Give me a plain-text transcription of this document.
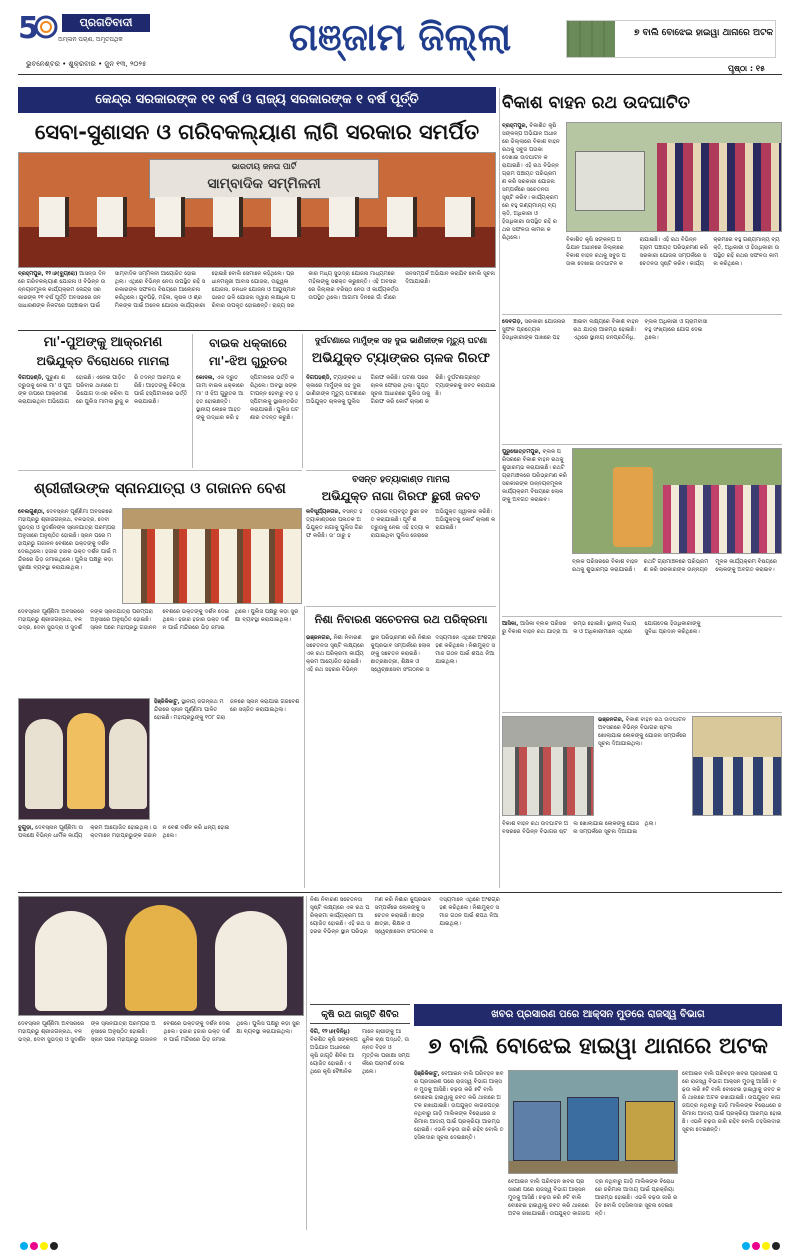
5	ପ୍ରଗତିବାଦୀ
ଅମ୍ଳାନ ପଚାଶ, ଅମୃତପଥିକ
ଭୁବନେଶ୍ବର • ଶୁକ୍ରବାର • ଜୁନ ୧୩, ୨୦୨୫
ଗଞ୍ଜାମ ଜିଲ୍ଲା	୭ ବାଲି ବୋଝେଇ ହାଇୱା ଥାନାରେ ଅଟକ
ପୃଷ୍ଠା : ୧୫
କେନ୍ଦ୍ର ସରକାରଙ୍କ ୧୧ ବର୍ଷ ଓ ରାଜ୍ୟ ସରକାରଙ୍କ ୧ ବର୍ଷ ପୂର୍ତ୍ତି
ସେବା-ସୁଶାସନ ଓ ଗରିବକଲ୍ୟାଣ ଲାଗି ସରକାର ସମର୍ପିତ
ଭାରତୀୟ ଜନତା ପାର୍ଟି
ସାମ୍ବାଦିକ ସମ୍ମିଳନୀ
ବ୍ରହ୍ମପୁର, ୧୨।୬(ବ୍ୟୁରୋ) ଆସନ୍ତା ଦିନରେ ଗରିବକଲ୍ୟାଣ ଯୋଜନା ଓ ବିଭିନ୍ନ ଉନ୍ନୟନମୂଳକ କାର୍ଯ୍ୟକ୍ରମ କେନ୍ଦ୍ର ସରକାରଙ୍କ ୧୧ ବର୍ଷ ପୂର୍ତ୍ତି ଅବସରରେ ଜନସାଧାରଣଙ୍କ ନିକଟରେ ପହଞ୍ଚାଇବା ପାଇଁ ସାମ୍ବାଦିକ ସମ୍ମିଳନୀ ଆୟୋଜିତ ହୋଇଥିଲା। ଏଥିରେ ବିଭିନ୍ନ ନେତା ଉପସ୍ଥିତ ରହି ସରକାରଙ୍କ ସଫଳତା ବିଷୟରେ ଆଲୋଚନା କରିଥିଲେ। ଯୁବପିଢ଼ି, ମହିଳା, କୃଷକ ଓ ଶ୍ରମିକଙ୍କ ପାଇଁ ଅନେକ ଯୋଜନା କାର୍ଯ୍ୟକାରୀ ହୋଇଛି ବୋଲି ସେମାନେ କହିଥିଲେ। ପ୍ରଧାନମନ୍ତ୍ରୀ ଆବାସ ଯୋଜନା, ଉଜ୍ଜ୍ୱଳା ଯୋଜନା, ଜନଧନ ଯୋଜନା ଓ ଆୟୁଷ୍ମାନ ଭାରତ ଭଳି ଯୋଜନା ଦ୍ୱାରା ଲକ୍ଷାଧିକ ପରିବାର ଉପକୃତ ହୋଇଛନ୍ତି। ରାଜ୍ୟ ସରକାର ମଧ୍ୟ ସୁଭଦ୍ରା ଯୋଜନା ମାଧ୍ୟମରେ ମହିଳାଙ୍କୁ ସଶକ୍ତ କରୁଛନ୍ତି। ଏହି ଅବସରରେ ଜିଲ୍ଲାର ବରିଷ୍ଠ ନେତା ଓ କାର୍ଯ୍ୟକର୍ତ୍ତା ଉପସ୍ଥିତ ଥିଲେ। ଆଗାମୀ ଦିନରେ ଗାଁ ଗାଁରେ ଜନସମ୍ପର୍କ ଅଭିଯାନ କରାଯିବ ବୋଲି ସୂଚନା ଦିଆଯାଇଛି।
ବିକାଶ ବାହନ ରଥ ଉଦଘାଟିତ
ବ୍ରହ୍ମପୁର, ବିକାଶିତ କୃଷି ସଙ୍କଳ୍ପ ଅଭିଯାନ ଅଧୀନରେ ଜିଲ୍ଲାରେ ବିକାଶ ବାହନ ରଥକୁ ସବୁଜ ପତାକା ଦେଖାଇ ଉଦଘାଟନ କରାଯାଇଛି। ଏହି ରଥ ବିଭିନ୍ନ ଗ୍ରାମ ପଞ୍ଚାୟତ ପରିଭ୍ରମଣ କରି ସରକାରୀ ଯୋଜନା ସମ୍ପର୍କରେ ସଚେତନତା ସୃଷ୍ଟି କରିବ। କାର୍ଯ୍ୟକ୍ରମରେ ବହୁ ଗଣ୍ୟମାନ୍ୟ ବ୍ୟକ୍ତି, ଅଧିକାରୀ ଓ ହିତାଧିକାରୀ ଉପସ୍ଥିତ ରହି ରଥର ସଫଳତା କାମନା କରିଥିଲେ।	ବିକାଶିତ କୃଷି ସଙ୍କଳ୍ପ ଅଭିଯାନ ଅଧୀନରେ ଜିଲ୍ଲାରେ ବିକାଶ ବାହନ ରଥକୁ ସବୁଜ ପତାକା ଦେଖାଇ ଉଦଘାଟନ କରାଯାଇଛି। ଏହି ରଥ ବିଭିନ୍ନ ଗ୍ରାମ ପଞ୍ଚାୟତ ପରିଭ୍ରମଣ କରି ସରକାରୀ ଯୋଜନା ସମ୍ପର୍କରେ ସଚେତନତା ସୃଷ୍ଟି କରିବ। କାର୍ଯ୍ୟକ୍ରମରେ ବହୁ ଗଣ୍ୟମାନ୍ୟ ବ୍ୟକ୍ତି, ଅଧିକାରୀ ଓ ହିତାଧିକାରୀ ଉପସ୍ଥିତ ରହି ରଥର ସଫଳତା କାମନା କରିଥିଲେ।
ଦେବଗଡ଼, ସରକାରୀ ଯୋଜନାର ସୁଫଳ ପ୍ରତ୍ୟେକ ହିତାଧିକାରୀଙ୍କ ପାଖରେ ପହଞ୍ଚାଇବା ଲକ୍ଷ୍ୟରେ ବିକାଶ ବାହନ ରଥ ଯାତ୍ରା ଆରମ୍ଭ ହୋଇଛି। ଏଥିରେ ସ୍ଥାନୀୟ ଜନପ୍ରତିନିଧି, ବ୍ଲକ ଅଧିକାରୀ ଓ ଗ୍ରାମବାସୀ ବହୁ ସଂଖ୍ୟାରେ ଯୋଗ ଦେଇଥିଲେ।
ପୁରୁଷୋତ୍ତମପୁର, ବ୍ଲକ ପରିସରରେ ବିକାଶ ବାହନ ରଥକୁ ଶୁଭାରମ୍ଭ କରାଯାଇଛି। ରଥଟି ଗ୍ରାମାଞ୍ଚଳରେ ପରିଭ୍ରମଣ କରି ସରକାରଙ୍କ ଉନ୍ନୟନମୂଳକ କାର୍ଯ୍ୟକ୍ରମ ବିଷୟରେ ଲୋକଙ୍କୁ ଅବଗତ କରାଇବ।
ବ୍ଲକ ପରିସରରେ ବିକାଶ ବାହନ ରଥକୁ ଶୁଭାରମ୍ଭ କରାଯାଇଛି। ରଥଟି ଗ୍ରାମାଞ୍ଚଳରେ ପରିଭ୍ରମଣ କରି ସରକାରଙ୍କ ଉନ୍ନୟନମୂଳକ କାର୍ଯ୍ୟକ୍ରମ ବିଷୟରେ ଲୋକଙ୍କୁ ଅବଗତ କରାଇବ।
ଆସିକା, ଆସିକା ବ୍ଲକ ପରିସରରୁ ବିକାଶ ବାହନ ରଥ ଯାତ୍ରା ଆରମ୍ଭ ହୋଇଛି। ସ୍ଥାନୀୟ ବିଧାୟକ ଓ ଅଧିକାରୀମାନେ ଏଥିରେ ଯୋଗଦେଇ ହିତାଧିକାରୀଙ୍କୁ ସୁବିଧା ପ୍ରଦାନ କରିଥିଲେ।
ଭଞ୍ଜନଗର, ବିକାଶ ବାହନ ରଥ ଉଦଘାଟନ ଅବସରରେ ବିଭିନ୍ନ ବିଭାଗର ଷ୍ଟଲ ଖୋଲାଯାଇ ଲୋକଙ୍କୁ ଯୋଜନା ସମ୍ପର୍କରେ ସୂଚନା ଦିଆଯାଇଥିଲା।
ବିକାଶ ବାହନ ରଥ ଉଦଘାଟନ ଅବସରରେ ବିଭିନ୍ନ ବିଭାଗର ଷ୍ଟଲ ଖୋଲାଯାଇ ଲୋକଙ୍କୁ ଯୋଜନା ସମ୍ପର୍କରେ ସୂଚନା ଦିଆଯାଇଥିଲା।
ମା'-ପୁଅଙ୍କୁ ଆକ୍ରମଣ
ଅଭିଯୁକ୍ତ ବିରୋଧରେ ମାମଲା
ଦିଗପହଣ୍ଡି, ପୁରୁଣା ଶତ୍ରୁତାକୁ ନେଇ ମା' ଓ ପୁଅଙ୍କ ଉପରେ ଆକ୍ରମଣ କରାଯାଇଥିବା ଅଭିଯୋଗ ହୋଇଛି। ଏନେଇ ପୀଡ଼ିତ ପରିବାର ଥାନାରେ ଅଭିଯୋଗ ଦାଏର କରିବା ପରେ ପୁଲିସ ମାମଲା ରୁଜୁ କରି ତଦନ୍ତ ଆରମ୍ଭ କରିଛି। ଆହତଙ୍କୁ ଚିକିତ୍ସା ପାଇଁ ହସ୍ପିଟାଲରେ ଭର୍ତ୍ତି କରାଯାଇଛି।
ବାଇକ ଧକ୍କାରେ
ମା'-ଝିଅ ଗୁରୁତର
କୋଦଳା, ଏକ ଦ୍ରୁତଗାମୀ ବାଇକ ଧକ୍କାରେ ମା' ଓ ଝିଅ ଗୁରୁତର ଆହତ ହୋଇଛନ୍ତି। ସ୍ଥାନୀୟ ଲୋକେ ଆହତଙ୍କୁ ଉଦ୍ଧାର କରି ହସ୍ପିଟାଲରେ ଭର୍ତ୍ତି କରିଥିଲେ। ଅବସ୍ଥା ସଙ୍କଟାପନ୍ନ ହେବାରୁ ବଡ଼ ହସ୍ପିଟାଲକୁ ସ୍ଥାନାନ୍ତରିତ କରାଯାଇଛି। ପୁଲିସ ଘଟଣାର ତଦନ୍ତ କରୁଛି।
ଦୁର୍ଘଟଣାରେ ମାମୁଁଙ୍କ ସହ ଦୁଇ ଭାଣିଜୀଙ୍କ ମୃତ୍ୟୁ ଘଟଣା
ଅଭିଯୁକ୍ତ ଟ୍ୟାଙ୍କର ଚାଳକ ଗିରଫ
ଦିଗପହଣ୍ଡି, ଟ୍ୟାଙ୍କର ଧକ୍କାରେ ମାମୁଁଙ୍କ ସହ ଦୁଇ ଭାଣିଜୀଙ୍କ ମୃତ୍ୟୁ ଘଟଣାରେ ଅଭିଯୁକ୍ତ ଚାଳକକୁ ପୁଲିସ ଗିରଫ କରିଛି। ଘଟଣା ପରେ ଚାଳକ ଫେରାର ଥିଲା। ଗୁପ୍ତ ସୂଚନା ଆଧାରରେ ପୁଲିସ ତାକୁ ଗିରଫ କରି କୋର୍ଟ ଚାଲାଣ କରିଛି। ଦୁର୍ଘଟଣାଗ୍ରସ୍ତ ଟ୍ୟାଙ୍କରକୁ ଜବତ କରାଯାଇଛି।
ବସନ୍ତ ହତ୍ୟାକାଣ୍ଡ ମାମଲା
ଅଭିଯୁକ୍ତ ନାଗା ଗିରଫ ଛୁରୀ ଜବତ
କବିସୂର୍ଯ୍ୟନଗର, ବସନ୍ତ ହତ୍ୟାକାଣ୍ଡରେ ପଳାତକ ଅଭିଯୁକ୍ତ ନାଗାକୁ ପୁଲିସ ଗିରଫ କରିଛି। ତା' ଠାରୁ ହତ୍ୟାରେ ବ୍ୟବହୃତ ଛୁରୀ ଜବତ କରାଯାଇଛି। ପୂର୍ବ ଶତ୍ରୁତାକୁ ନେଇ ଏହି ହତ୍ୟା କରାଯାଇଥିବା ପୁଲିସ ଜେରାରେ ଅଭିଯୁକ୍ତ ସ୍ୱୀକାର କରିଛି। ଅଭିଯୁକ୍ତକୁ କୋର୍ଟ ଚାଲାଣ କରାଯାଇଛି।
ଶ୍ରୀଜୀଉଙ୍କ ସ୍ନାନଯାତ୍ରା ଓ ଗଜାନନ ବେଶ
ବେଲଗୁଣ୍ଠା, ଦେବସ୍ନାନ ପୂର୍ଣ୍ଣିମା ଅବସରରେ ମହାପ୍ରଭୁ ଶ୍ରୀଜଗନ୍ନାଥ, ବଳଭଦ୍ର, ଦେବୀ ସୁଭଦ୍ରା ଓ ସୁଦର୍ଶନଙ୍କ ସ୍ନାନଯାତ୍ରା ପରମ୍ପରା ଅନୁସାରେ ଅନୁଷ୍ଠିତ ହୋଇଛି। ସ୍ନାନ ପରେ ମହାପ୍ରଭୁ ଗଜାନନ ବେଶରେ ଭକ୍ତଙ୍କୁ ଦର୍ଶନ ଦେଇଥିଲେ। ହଜାର ହଜାର ଭକ୍ତ ଦର୍ଶନ ପାଇଁ ମନ୍ଦିରରେ ଭିଡ଼ ଜମାଇଥିଲେ। ପୁଲିସ ପକ୍ଷରୁ କଡ଼ା ସୁରକ୍ଷା ବ୍ୟବସ୍ଥା କରାଯାଇଥିଲା।
ଦେବସ୍ନାନ ପୂର୍ଣ୍ଣିମା ଅବସରରେ ମହାପ୍ରଭୁ ଶ୍ରୀଜଗନ୍ନାଥ, ବଳଭଦ୍ର, ଦେବୀ ସୁଭଦ୍ରା ଓ ସୁଦର୍ଶନଙ୍କ ସ୍ନାନଯାତ୍ରା ପରମ୍ପରା ଅନୁସାରେ ଅନୁଷ୍ଠିତ ହୋଇଛି। ସ୍ନାନ ପରେ ମହାପ୍ରଭୁ ଗଜାନନ ବେଶରେ ଭକ୍ତଙ୍କୁ ଦର୍ଶନ ଦେଇଥିଲେ। ହଜାର ହଜାର ଭକ୍ତ ଦର୍ଶନ ପାଇଁ ମନ୍ଦିରରେ ଭିଡ଼ ଜମାଇଥିଲେ। ପୁଲିସ ପକ୍ଷରୁ କଡ଼ା ସୁରକ୍ଷା ବ୍ୟବସ୍ଥା କରାଯାଇଥିଲା।	ନିଶା ନିବାରଣ ସଚେତନତା ରଥ ପରିକ୍ରମା
ହିଞ୍ଜିଳିକାଟୁ, ସ୍ଥାନୀୟ ଜଗନ୍ନାଥ ମନ୍ଦିରରେ ସ୍ନାନ ପୂର୍ଣ୍ଣିମା ପାଳିତ ହୋଇଛି। ମହାପ୍ରଭୁଙ୍କୁ ୧୦୮ ଗରା ଜଳରେ ସ୍ନାନ କରାଯାଇ ଗଜବେଶରେ ସଜ୍ଜିତ କରାଯାଇଥିଲା।
ଭଞ୍ଜନଗର, ନିଶା ନିବାରଣ ସଚେତନତା ସୃଷ୍ଟି ଲକ୍ଷ୍ୟରେ ଏକ ରଥ ପରିକ୍ରମା କାର୍ଯ୍ୟକ୍ରମ ଆୟୋଜିତ ହୋଇଛି। ଏହି ରଥ ସହରର ବିଭିନ୍ନ ସ୍ଥାନ ପରିଭ୍ରମଣ କରି ନିଶାର କୁପ୍ରଭାବ ସମ୍ପର୍କରେ ଲୋକଙ୍କୁ ସଚେତନ କରାଇଛି। ଛାତ୍ରଛାତ୍ରୀ, ଶିକ୍ଷକ ଓ ସ୍ୱେଚ୍ଛାସେବୀ ସଂଗଠନର ସଦସ୍ୟମାନେ ଏଥିରେ ଅଂଶଗ୍ରହଣ କରିଥିଲେ। ନିଶାମୁକ୍ତ ସମାଜ ଗଠନ ପାଇଁ ଶପଥ ନିଆଯାଇଥିଲା।
ବୁଗୁଡ଼ା, ଦେବସ୍ନାନ ପୂର୍ଣ୍ଣିମା ଉପଲକ୍ଷେ ବିଭିନ୍ନ ଧାର୍ମିକ କାର୍ଯ୍ୟକ୍ରମ ଆୟୋଜିତ ହୋଇଥିଲା। ଭକ୍ତମାନେ ମହାପ୍ରଭୁଙ୍କ ଗଜାନନ ବେଶ ଦର୍ଶନ କରି ଧନ୍ୟ ହୋଇଥିଲେ।
ଦେବସ୍ନାନ ପୂର୍ଣ୍ଣିମା ଅବସରରେ ମହାପ୍ରଭୁ ଶ୍ରୀଜଗନ୍ନାଥ, ବଳଭଦ୍ର, ଦେବୀ ସୁଭଦ୍ରା ଓ ସୁଦର୍ଶନଙ୍କ ସ୍ନାନଯାତ୍ରା ପରମ୍ପରା ଅନୁସାରେ ଅନୁଷ୍ଠିତ ହୋଇଛି। ସ୍ନାନ ପରେ ମହାପ୍ରଭୁ ଗଜାନନ ବେଶରେ ଭକ୍ତଙ୍କୁ ଦର୍ଶନ ଦେଇଥିଲେ। ହଜାର ହଜାର ଭକ୍ତ ଦର୍ଶନ ପାଇଁ ମନ୍ଦିରରେ ଭିଡ଼ ଜମାଇଥିଲେ। ପୁଲିସ ପକ୍ଷରୁ କଡ଼ା ସୁରକ୍ଷା ବ୍ୟବସ୍ଥା କରାଯାଇଥିଲା।
କୃଷି ରଥ ଜାଗୃତି ଶିବିର
ଦିଗି, ୧୨।୬(ଦିନିଧି) ବିକଶିତ କୃଷି ସଙ୍କଳ୍ପ ଅଭିଯାନ ଅଧୀନରେ କୃଷି ଜାଗୃତି ଶିବିର ଆୟୋଜିତ ହୋଇଛି। ଏଥିରେ କୃଷି ବୈଜ୍ଞାନିକମାନେ ଚାଷୀଙ୍କୁ ଆଧୁନିକ ଚାଷ ପଦ୍ଧତି, ଉନ୍ନତ ବିହନ ଓ ମୃତ୍ତିକା ପରୀକ୍ଷା ସମ୍ପର୍କରେ ପରାମର୍ଶ ଦେଇଥିଲେ।
ନିଶା ନିବାରଣ ସଚେତନତା ସୃଷ୍ଟି ଲକ୍ଷ୍ୟରେ ଏକ ରଥ ପରିକ୍ରମା କାର୍ଯ୍ୟକ୍ରମ ଆୟୋଜିତ ହୋଇଛି। ଏହି ରଥ ସହରର ବିଭିନ୍ନ ସ୍ଥାନ ପରିଭ୍ରମଣ କରି ନିଶାର କୁପ୍ରଭାବ ସମ୍ପର୍କରେ ଲୋକଙ୍କୁ ସଚେତନ କରାଇଛି। ଛାତ୍ରଛାତ୍ରୀ, ଶିକ୍ଷକ ଓ ସ୍ୱେଚ୍ଛାସେବୀ ସଂଗଠନର ସଦସ୍ୟମାନେ ଏଥିରେ ଅଂଶଗ୍ରହଣ କରିଥିଲେ। ନିଶାମୁକ୍ତ ସମାଜ ଗଠନ ପାଇଁ ଶପଥ ନିଆଯାଇଥିଲା।
ଖବର ପ୍ରସାରଣ ପରେ ଆକ୍ସନ ମୁଡରେ ରାଜସ୍ୱ ବିଭାଗ
୭ ବାଲି ବୋଝେଇ ହାଇୱା ଥାନାରେ ଅଟକ
ହିଞ୍ଜିଳିକାଟୁ, ବେଆଇନ ବାଲି ପରିବହନ ଖବର ପ୍ରସାରଣ ପରେ ରାଜସ୍ୱ ବିଭାଗ ଆକ୍ସନ ମୁଡକୁ ଆସିଛି। ଚଢ଼ଉ କରି ୭ଟି ବାଲି ବୋଝେଇ ହାଇୱାକୁ ଜବତ କରି ଥାନାରେ ଅଟକ ରଖାଯାଇଛି। ଉପଯୁକ୍ତ କାଗଜପତ୍ର ନଥିବାରୁ ଗାଡ଼ି ମାଲିକଙ୍କ ବିରୋଧରେ ଜରିମାନା ଆଦାୟ ପାଇଁ ପ୍ରକ୍ରିୟା ଆରମ୍ଭ ହୋଇଛି। ଏଭଳି ଚଢ଼ଉ ଜାରି ରହିବ ବୋଲି ତହସିଲଦାର ସୂଚନା ଦେଇଛନ୍ତି।
ବେଆଇନ ବାଲି ପରିବହନ ଖବର ପ୍ରସାରଣ ପରେ ରାଜସ୍ୱ ବିଭାଗ ଆକ୍ସନ ମୁଡକୁ ଆସିଛି। ଚଢ଼ଉ କରି ୭ଟି ବାଲି ବୋଝେଇ ହାଇୱାକୁ ଜବତ କରି ଥାନାରେ ଅଟକ ରଖାଯାଇଛି। ଉପଯୁକ୍ତ କାଗଜପତ୍ର ନଥିବାରୁ ଗାଡ଼ି ମାଲିକଙ୍କ ବିରୋଧରେ ଜରିମାନା ଆଦାୟ ପାଇଁ ପ୍ରକ୍ରିୟା ଆରମ୍ଭ ହୋଇଛି। ଏଭଳି ଚଢ଼ଉ ଜାରି ରହିବ ବୋଲି ତହସିଲଦାର ସୂଚନା ଦେଇଛନ୍ତି।
ବେଆଇନ ବାଲି ପରିବହନ ଖବର ପ୍ରସାରଣ ପରେ ରାଜସ୍ୱ ବିଭାଗ ଆକ୍ସନ ମୁଡକୁ ଆସିଛି। ଚଢ଼ଉ କରି ୭ଟି ବାଲି ବୋଝେଇ ହାଇୱାକୁ ଜବତ କରି ଥାନାରେ ଅଟକ ରଖାଯାଇଛି। ଉପଯୁକ୍ତ କାଗଜପତ୍ର ନଥିବାରୁ ଗାଡ଼ି ମାଲିକଙ୍କ ବିରୋଧରେ ଜରିମାନା ଆଦାୟ ପାଇଁ ପ୍ରକ୍ରିୟା ଆରମ୍ଭ ହୋଇଛି। ଏଭଳି ଚଢ଼ଉ ଜାରି ରହିବ ବୋଲି ତହସିଲଦାର ସୂଚନା ଦେଇଛନ୍ତି।
